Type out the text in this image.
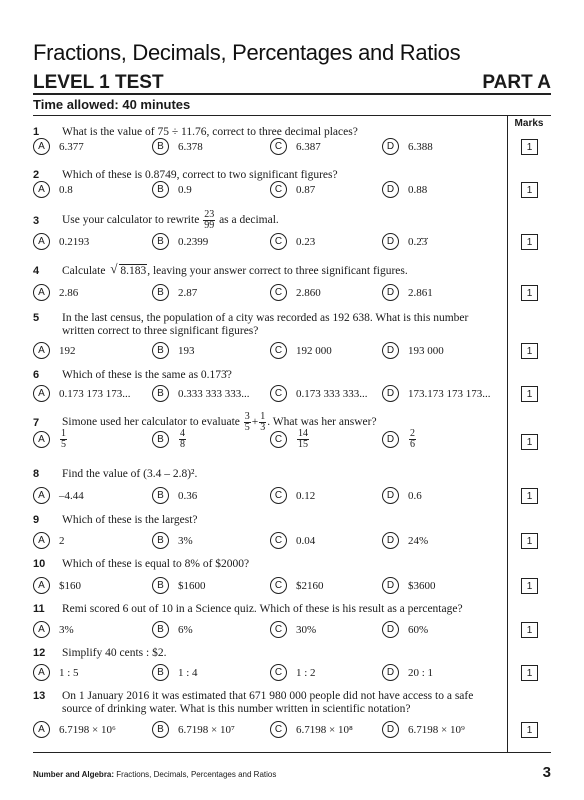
Fractions, Decimals, Percentages and Ratios
LEVEL 1 TEST	PART A
Time allowed: 40 minutes
Marks
1 What is the value of 75 ÷ 11.76, correct to three decimal places?
2 Which of these is 0.8749, correct to two significant figures?
3 Use your calculator to rewrite $\frac{23}{99}$ as a decimal.
4 Calculate √ 8.183, leaving your answer correct to three significant figures.
5 In the last census, the population of a city was recorded as 192 638. What is this number written correct to three significant figures?
6 Which of these is the same as 0.173̇?
7 Simone used her calculator to evaluate $\frac{3}{5} + \frac{1}{3}$ . What was her answer?
8 Find the value of (3.4 – 2.8)².
9 Which of these is the largest?
10 Which of these is equal to 8% of $2000?
11 Remi scored 6 out of 10 in a Science quiz. Which of these is his result as a percentage?
12 Simplify 40 cents : $2.
13 On 1 January 2016 it was estimated that 671 980 000 people did not have access to a safe source of drinking water. What is this number written in scientific notation?
A	6.377	B	6.378	C	6.387	D	6.388	1
A	0.8	B	0.9	C	0.87	D	0.88	1
A	0.2193	B	0.2399	C	0.23	D	0.2̇3̇	1
A	2.86	B	2.87	C	2.860	D	2.861	1
A	192	B	193	C	192 000	D	193 000	1
A	0.173 173 173...	B	0.333 333 333...	C	0.173 333 333...	D	173.173 173 173...	1
A	$\frac{1}{5}$	B	$\frac{4}{8}$	C	$\frac{14}{15}$	D	$\frac{2}{6}$	1
A	–4.44	B	0.36	C	0.12	D	0.6	1
A	2	B	3%	C	0.04	D	24%	1
A	$160	B	$1600	C	$2160	D	$3600	1
A	3%	B	6%	C	30%	D	60%	1
A	1 : 5	B	1 : 4	C	1 : 2	D	20 : 1	1
A	6.7198 × 10⁶	B	6.7198 × 10⁷	C	6.7198 × 10⁸	D	6.7198 × 10⁹	1
Number and Algebra: Fractions, Decimals, Percentages and Ratios	3
